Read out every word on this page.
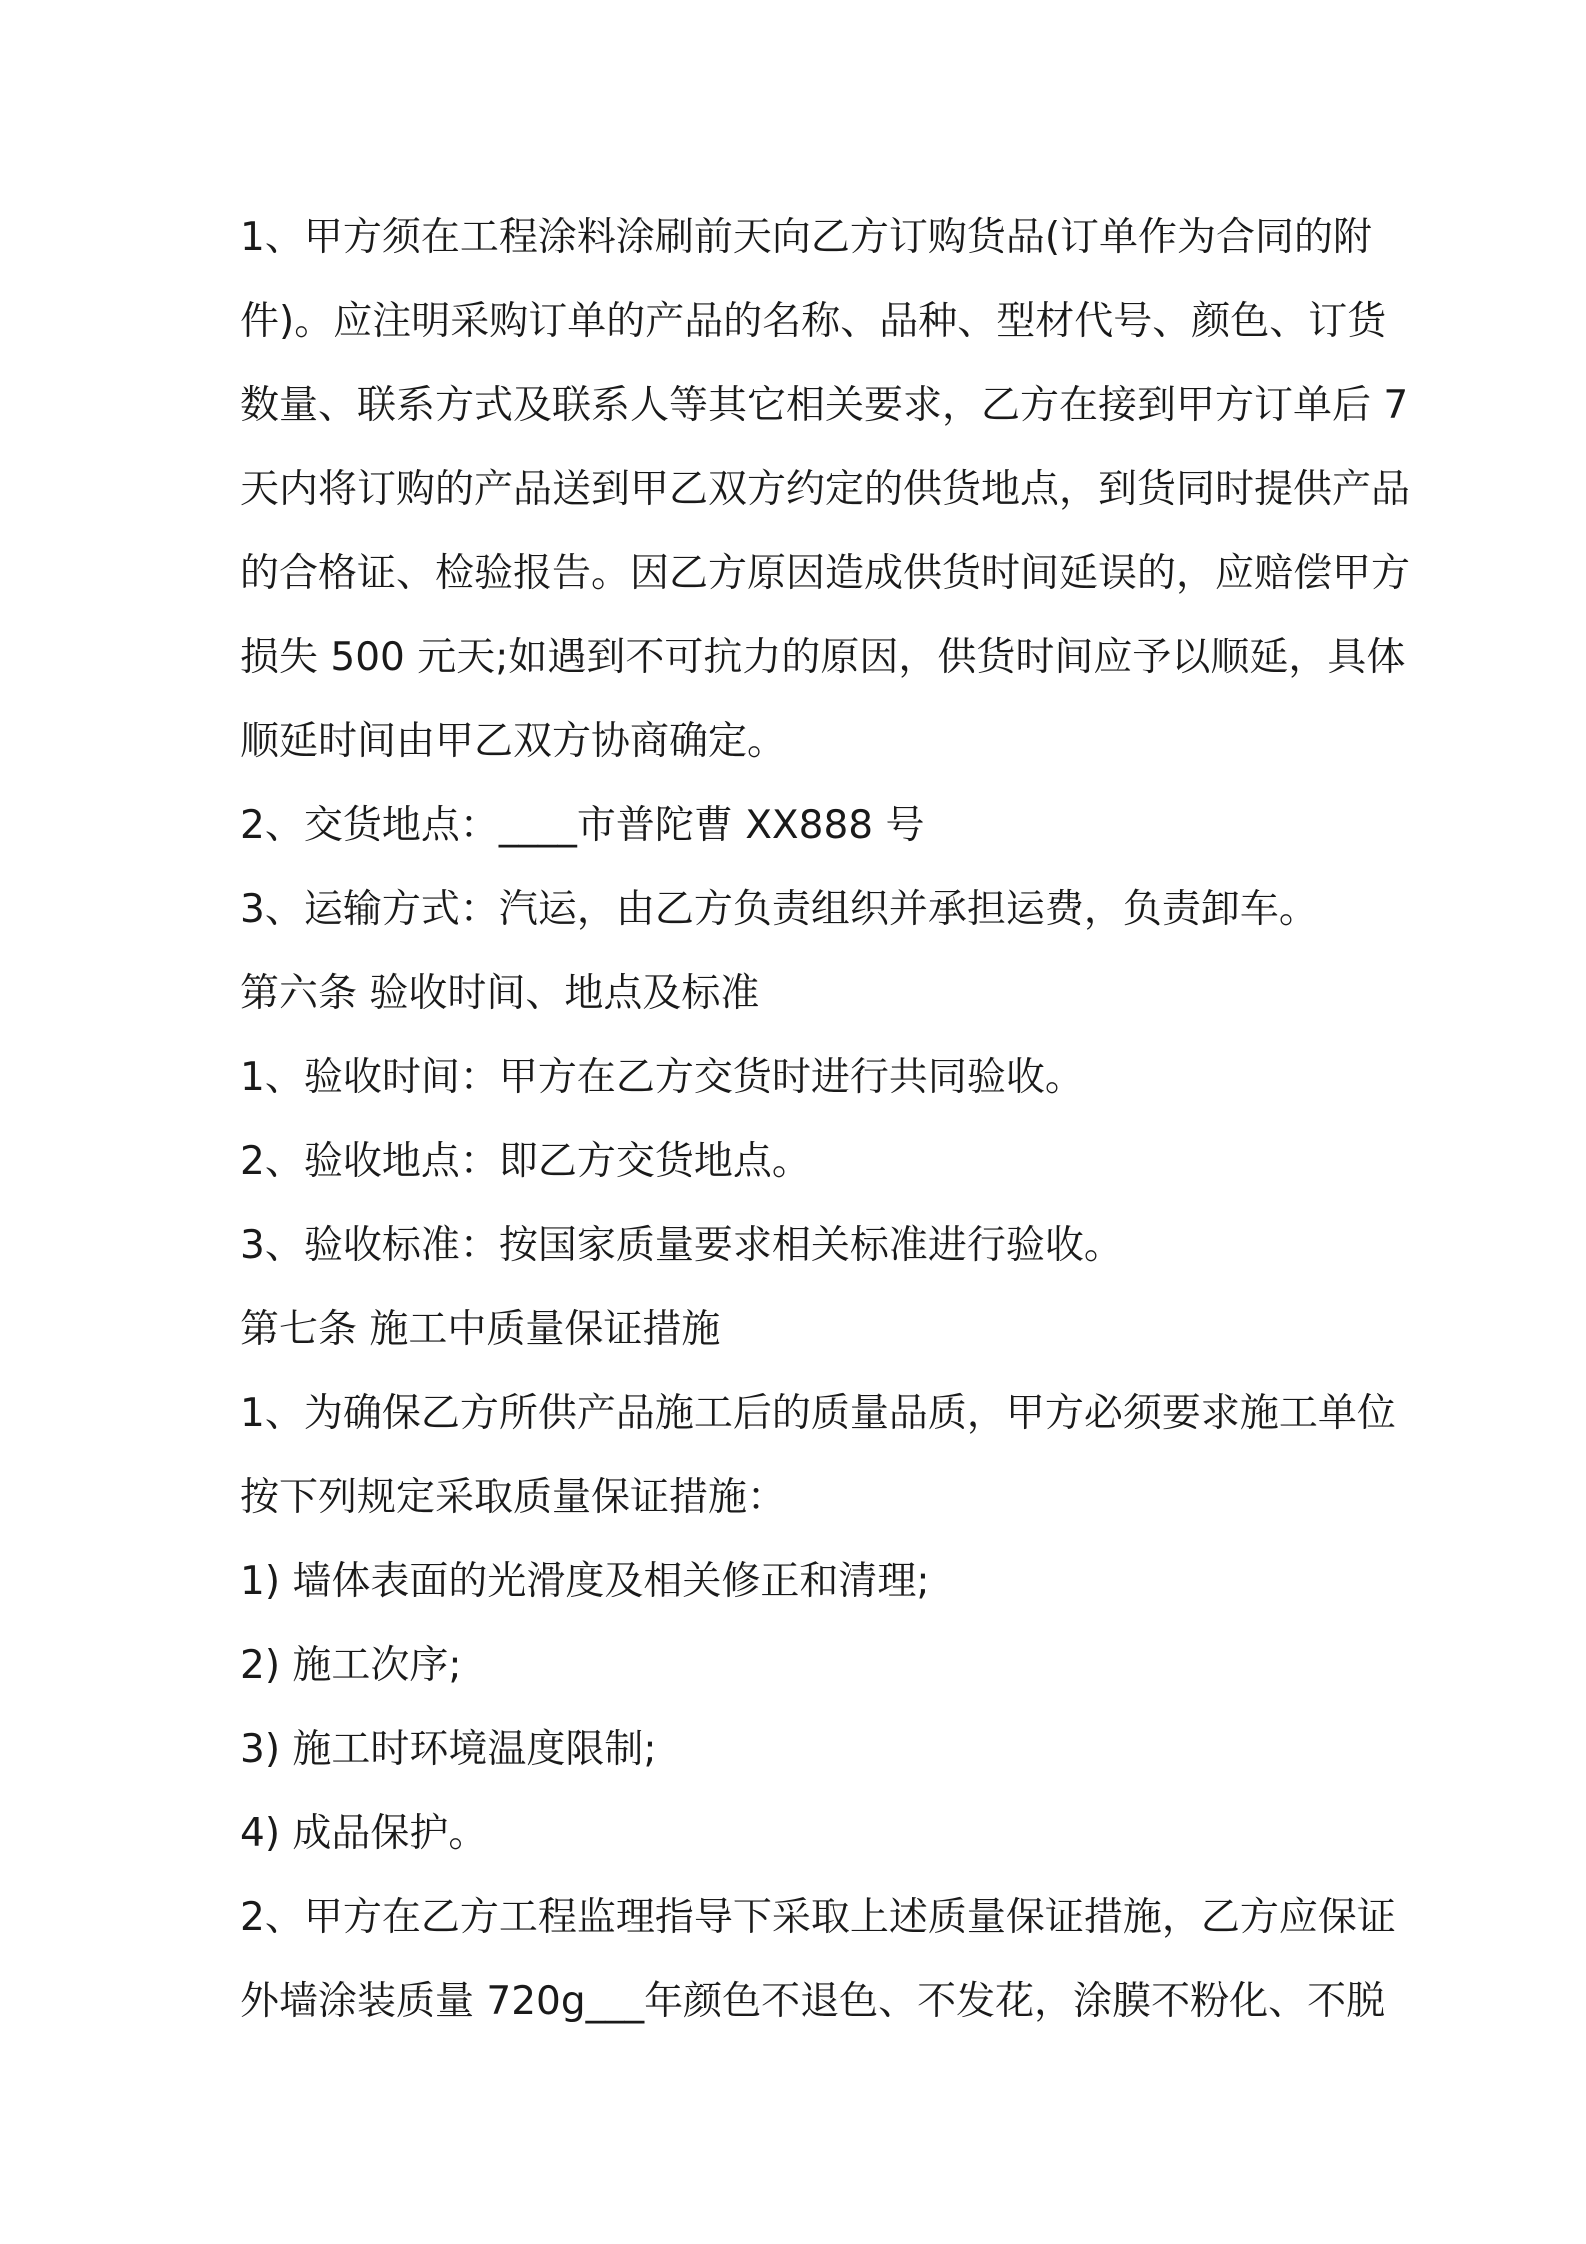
1、甲方须在工程涂料涂刷前天向乙方订购货品(订单作为合同的附

件)。应注明采购订单的产品的名称、品种、型材代号、颜色、订货

数量、联系方式及联系人等其它相关要求，乙方在接到甲方订单后 7

天内将订购的产品送到甲乙双方约定的供货地点，到货同时提供产品

的合格证、检验报告。因乙方原因造成供货时间延误的，应赔偿甲方

损失 500 元天;如遇到不可抗力的原因，供货时间应予以顺延，具体

顺延时间由甲乙双方协商确定。

2、交货地点：____市普陀曹 XX888 号

3、运输方式：汽运，由乙方负责组织并承担运费，负责卸车。

第六条 验收时间、地点及标准

1、验收时间：甲方在乙方交货时进行共同验收。

2、验收地点：即乙方交货地点。

3、验收标准：按国家质量要求相关标准进行验收。

第七条 施工中质量保证措施

1、为确保乙方所供产品施工后的质量品质，甲方必须要求施工单位

按下列规定采取质量保证措施：

1) 墙体表面的光滑度及相关修正和清理;

2) 施工次序;

3) 施工时环境温度限制;

4) 成品保护。

2、甲方在乙方工程监理指导下采取上述质量保证措施，乙方应保证

外墙涂装质量 720g___年颜色不退色、不发花，涂膜不粉化、不脱
